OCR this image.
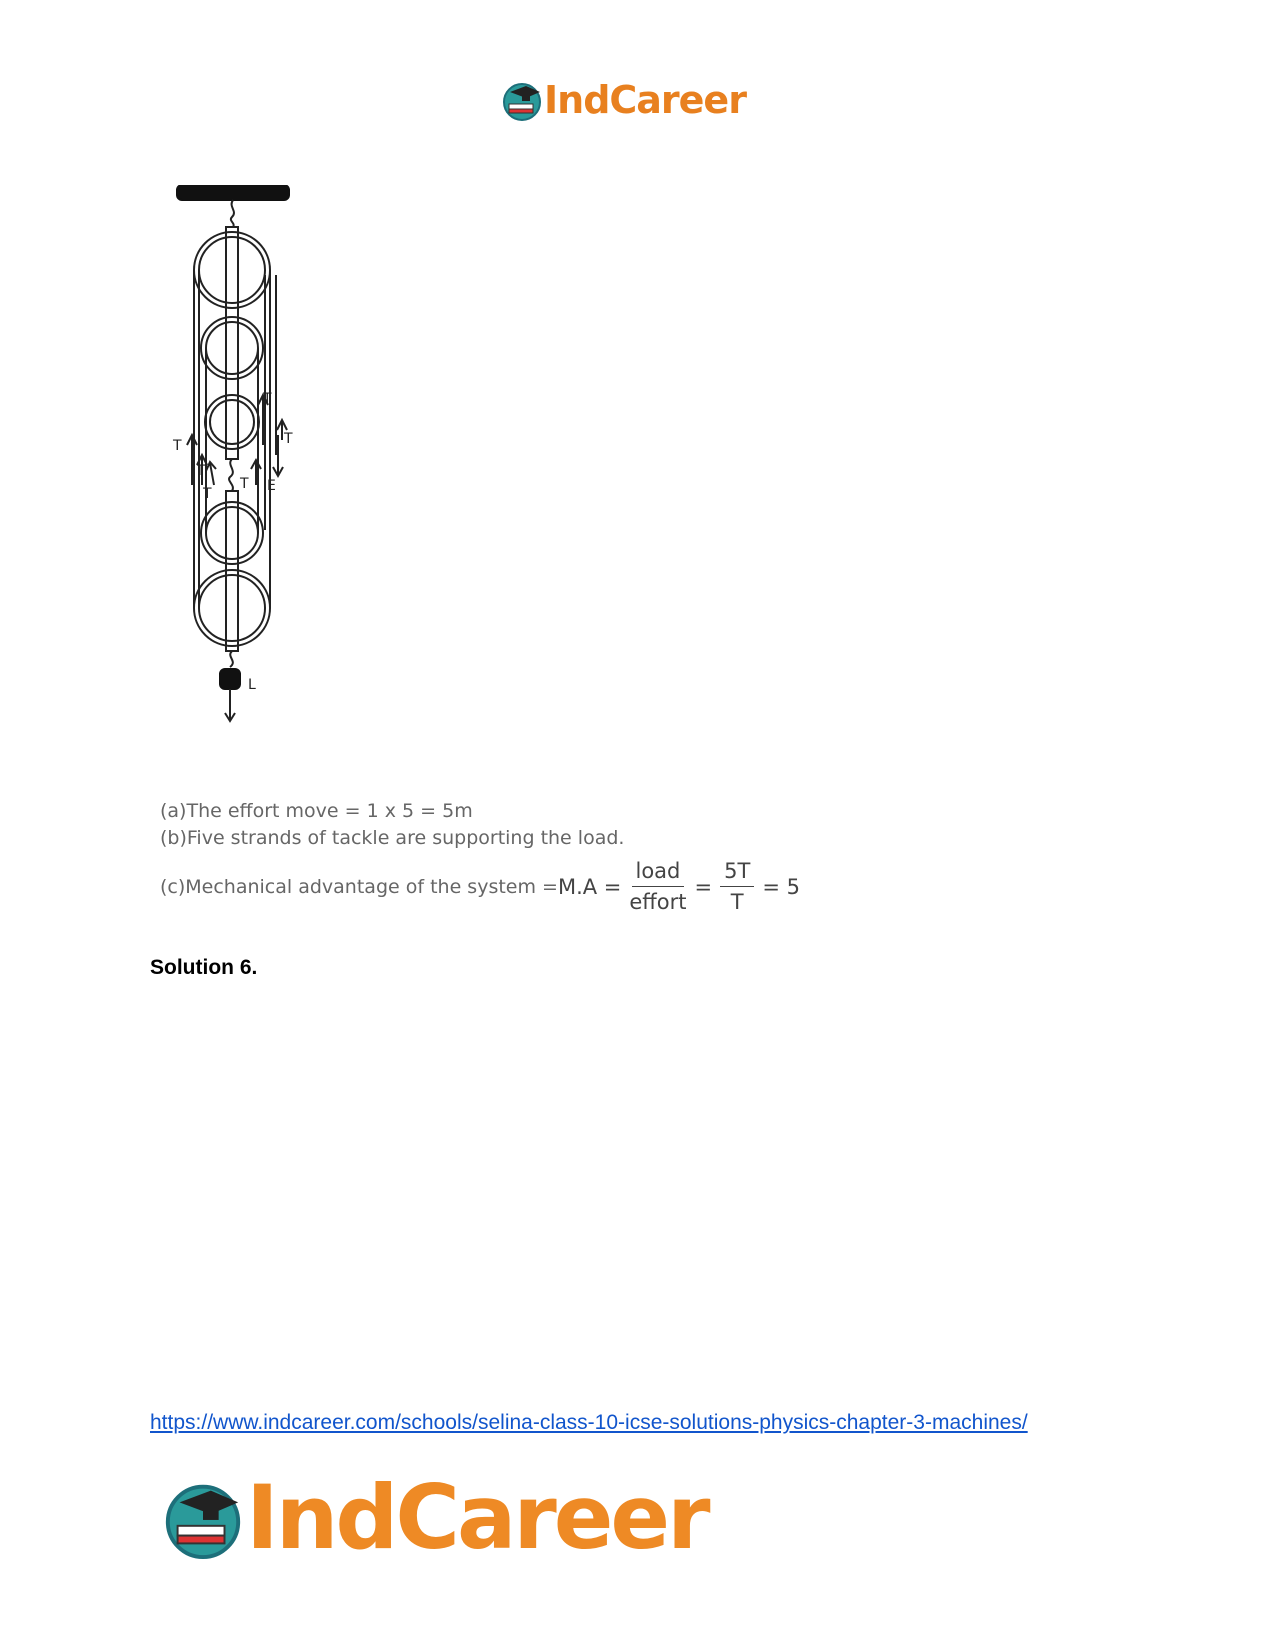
IndCareer
T
T
T
T
T
T
E
L
(a)The effort move = 1 x 5 = 5m
(b)Five strands of tackle are supporting the load.
(c)Mechanical advantage of the system = $M.A = \frac{\text{load}}{\text{effort}} = \frac{5T}{T} = 5$
Solution 6.
https://www.indcareer.com/schools/selina-class-10-icse-solutions-physics-chapter-3-machines/
IndCareer
